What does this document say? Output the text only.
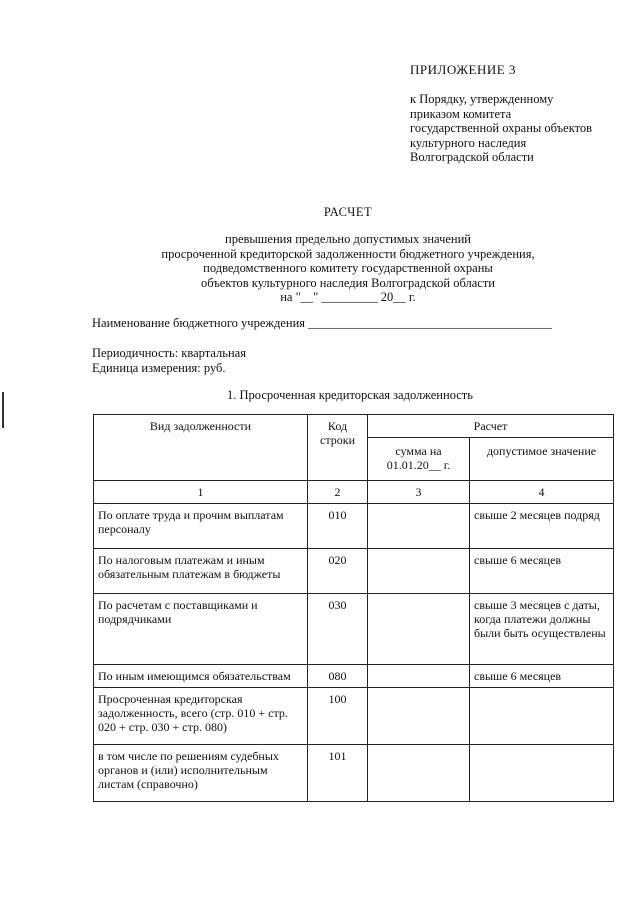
ПРИЛОЖЕНИЕ 3
к Порядку, утвержденному
приказом комитета
государственной охраны объектов
культурного наследия
Волгоградской области
РАСЧЕТ
превышения предельно допустимых значений
просроченной кредиторской задолженности бюджетного учреждения,
подведомственного комитету государственной охраны
объектов культурного наследия Волгоградской области
на "__" _________ 20__ г.
Наименование бюджетного учреждения _______________________________________
Периодичность: квартальная
Единица измерения: руб.
1. Просроченная кредиторская задолженность
Вид задолженности	Код строки	Расчет	
		сумма на 01.01.20__ г.	допустимое значение
1	2	3	4
По оплате труда и прочим выплатам персоналу	010		свыше 2 месяцев подряд
По налоговым платежам и иным обязательным платежам в бюджеты	020		свыше 6 месяцев
По расчетам с поставщиками и подрядчиками	030		свыше 3 месяцев с даты, когда платежи должны были быть осуществлены
По иным имеющимся обязательствам	080		свыше 6 месяцев
Просроченная кредиторская задолженность, всего (стр. 010 + стр. 020 + стр. 030 + стр. 080)	100		
в том числе по решениям судебных органов и (или) исполнительным листам (справочно)	101		
